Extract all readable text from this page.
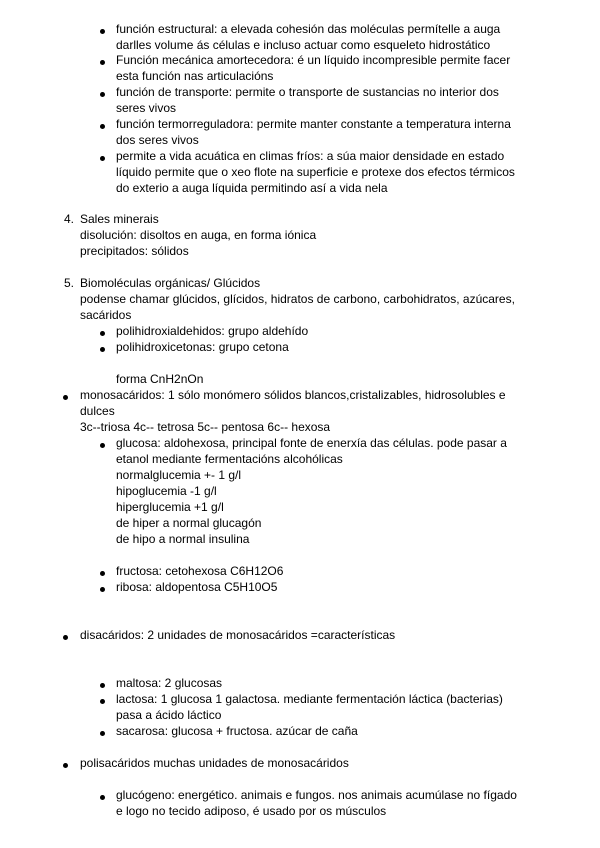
función estructural: a elevada cohesión das moléculas permítelle a auga
darlles volume ás células e incluso actuar como esqueleto hidrostático
Función mecánica amortecedora: é un líquido incompresible permite facer
esta función nas articulacións
función de transporte: permite o transporte de sustancias no interior dos
seres vivos
función termorreguladora: permite manter constante a temperatura interna
dos seres vivos
permite a vida acuática en climas fríos: a súa maior densidade en estado
líquido permite que o xeo flote na superficie e protexe dos efectos térmicos
do exterio a auga líquida permitindo así a vida nela
4. Sales minerais
disolución: disoltos en auga, en forma iónica
precipitados: sólidos
5. Biomoléculas orgánicas/ Glúcidos
podense chamar glúcidos, glícidos, hidratos de carbono, carbohidratos, azúcares,
sacáridos
polihidroxialdehidos: grupo aldehído
polihidroxicetonas: grupo cetona
forma CnH2nOn
monosacáridos: 1 sólo monómero sólidos blancos,cristalizables, hidrosolubles e
dulces
3c--triosa 4c-- tetrosa 5c-- pentosa 6c-- hexosa
glucosa: aldohexosa, principal fonte de enerxía das células. pode pasar a
etanol mediante fermentacións alcohólicas
normalglucemia +- 1 g/l
hipoglucemia -1 g/l
hiperglucemia +1 g/l
de hiper a normal glucagón
de hipo a normal insulina
fructosa: cetohexosa C6H12O6
ribosa: aldopentosa C5H10O5
disacáridos: 2 unidades de monosacáridos =características
maltosa: 2 glucosas
lactosa: 1 glucosa 1 galactosa. mediante fermentación láctica (bacterias)
pasa a ácido láctico
sacarosa: glucosa + fructosa. azúcar de caña
polisacáridos muchas unidades de monosacáridos
glucógeno: energético. animais e fungos. nos animais acumúlase no fígado
e logo no tecido adiposo, é usado por os músculos
